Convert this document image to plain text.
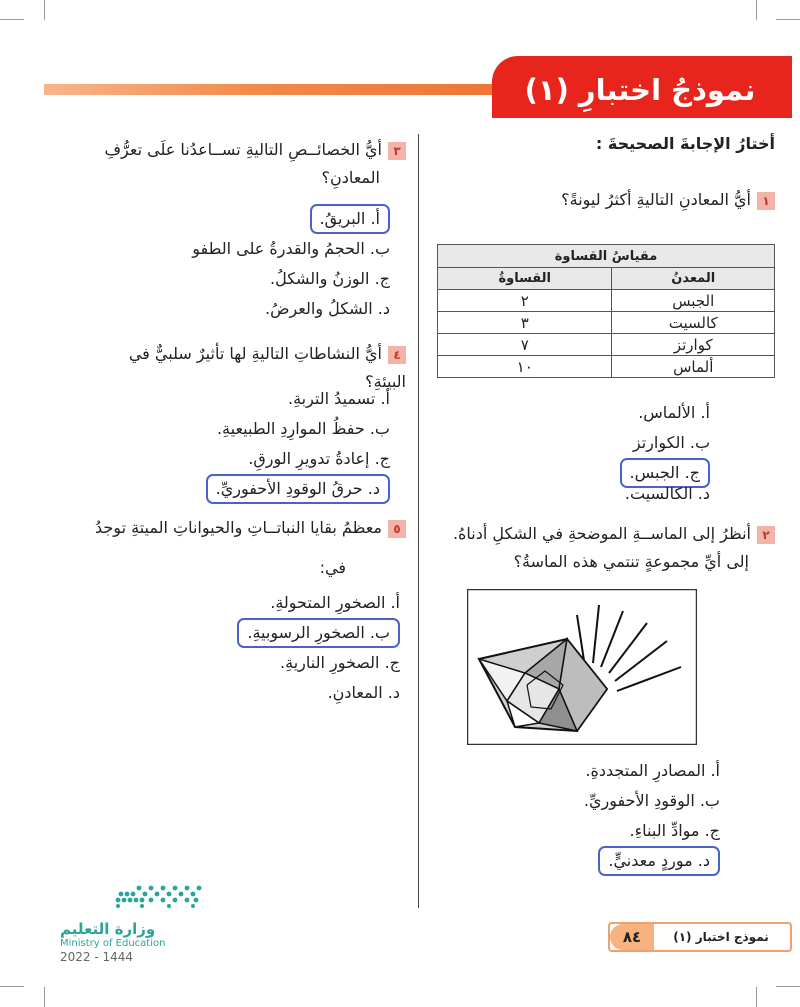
نموذجُ اختبارِ (١)
أختارُ الإجابةَ الصحيحةَ :
١أيُّ المعادنِ التاليةِ أكثرُ ليونةً؟
مقياسُ القساوة	
المعدنُ	القساوةُ
الجبس	٢
كالسيت	٣
كوارتز	٧
ألماس	١٠
أ. الألماس.
ب. الكوارتز
ج. الجبس.
د. الكالسيت.
٢أنظرُ إلى الماســةِ الموضحةِ في الشكلِ أدناهُ.
إلى أيِّ مجموعةٍ تنتمي هذه الماسةُ؟
أ. المصادرِ المتجددةِ.
ب. الوقودِ الأحفوريِّ.
ج. موادِّ البناءِ.
د. موردٍ معدنيٍّ.
٣أيُّ الخصائــصِ التاليةِ تســاعدُنا علَى تعرُّفِ
المعادنِ؟
أ. البريقُ.
ب. الحجمُ والقدرةُ على الطفو
ج. الوزنُ والشكلُ.
د. الشكلُ والعرضُ.
٤أيُّ النشاطاتِ التاليةِ لها تأثيرٌ سلبيٌّ في البيئةِ؟
أ. تسميدُ التربةِ.
ب. حفظُ الموارِدِ الطبيعيةِ.
ج. إعادةُ تدويرِ الورقِ.
د. حرقُ الوقودِ الأحفوريِّ.
٥معظمُ بقايا النباتــاتِ والحيواناتِ الميتةِ توجدُ
في:
أ. الصخورِ المتحولةِ.
ب. الصخورِ الرسوبيةِ.
ج. الصخورِ الناريةِ.
د. المعادنِ.
وزارة التعليم
Ministry of Education
2022 - 1444
٨٤	نموذج اختبار (١)
